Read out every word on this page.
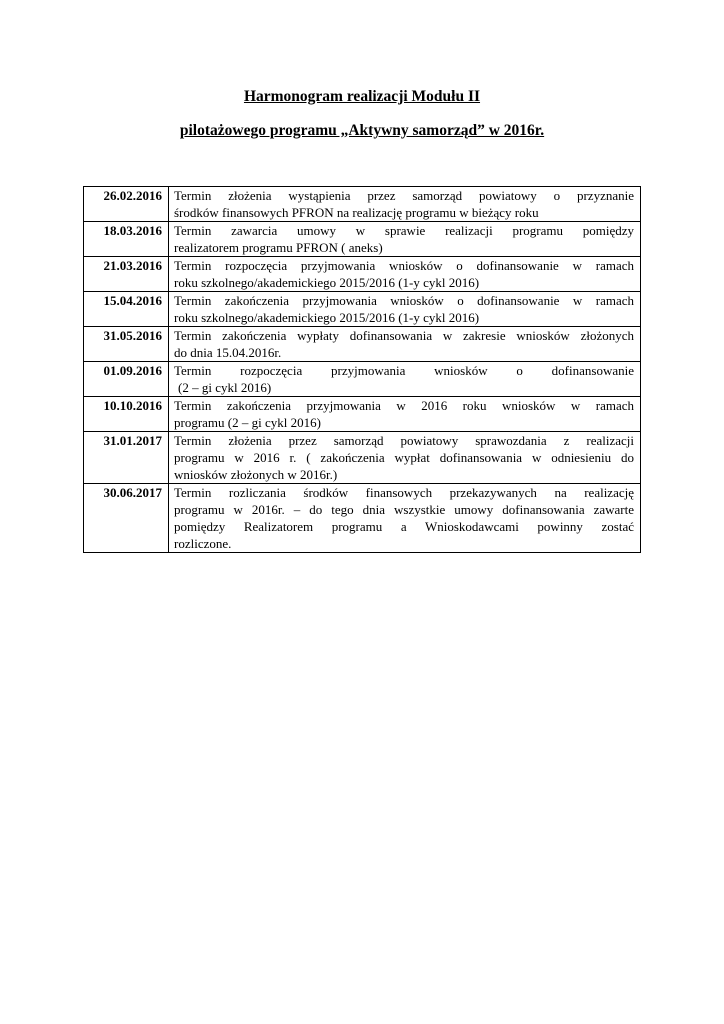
Harmonogram realizacji Modułu II
pilotażowego programu „Aktywny samorząd” w 2016r.
26.02.2016	Termin złożenia wystąpienia przez samorząd powiatowy o przyznanie
środków finansowych PFRON na realizację programu w bieżący roku

18.03.2016	Termin zawarcia umowy w sprawie realizacji programu pomiędzy
realizatorem programu PFRON ( aneks)

21.03.2016	Termin rozpoczęcia przyjmowania wniosków o dofinansowanie w ramach
roku szkolnego/akademickiego 2015/2016 (1-y cykl 2016)

15.04.2016	Termin zakończenia przyjmowania wniosków o dofinansowanie w ramach
roku szkolnego/akademickiego 2015/2016 (1-y cykl 2016)

31.05.2016	Termin zakończenia wypłaty dofinansowania w zakresie wniosków złożonych
do dnia 15.04.2016r.

01.09.2016	Termin rozpoczęcia przyjmowania wniosków o dofinansowanie
(2 – gi cykl 2016)

10.10.2016	Termin zakończenia przyjmowania w 2016 roku wniosków w ramach
programu (2 – gi cykl 2016)

31.01.2017	Termin złożenia przez samorząd powiatowy sprawozdania z realizacji
programu w 2016 r. ( zakończenia wypłat dofinansowania w odniesieniu do
wniosków złożonych w 2016r.)

30.06.2017	Termin rozliczania środków finansowych przekazywanych na realizację
programu w 2016r. – do tego dnia wszystkie umowy dofinansowania zawarte
pomiędzy Realizatorem programu a Wnioskodawcami powinny zostać
rozliczone.
